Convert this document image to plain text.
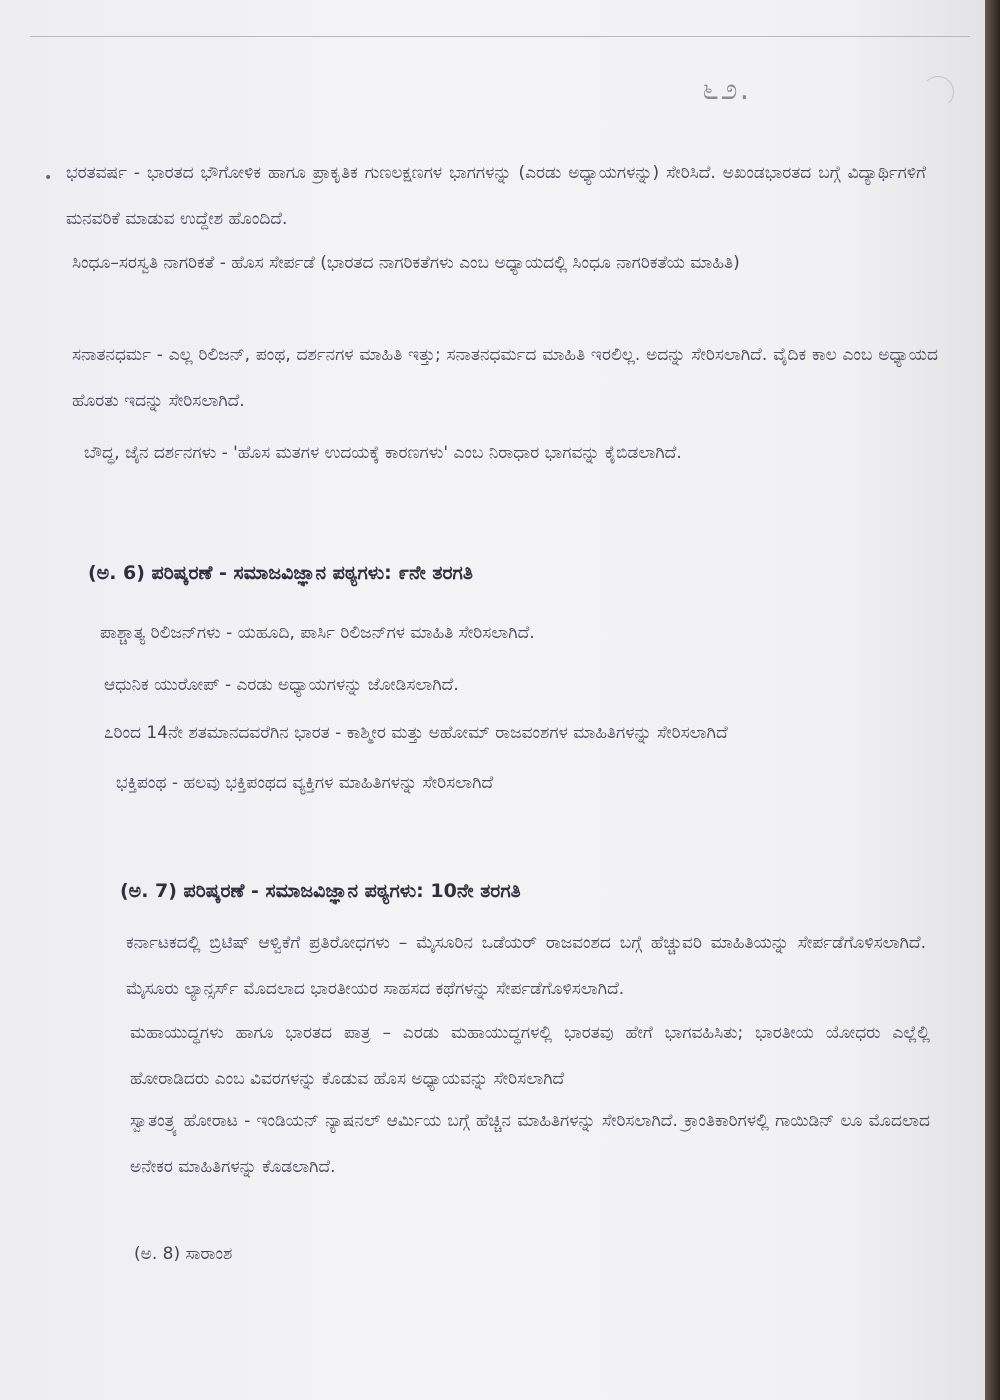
೬೨.
• ಭರತವರ್ಷ - ಭಾರತದ ಭೌಗೋಳಿಕ ಹಾಗೂ ಪ್ರಾಕೃತಿಕ ಗುಣಲಕ್ಷಣಗಳ ಭಾಗಗಳನ್ನು (ಎರಡು ಅಧ್ಯಾಯಗಳನ್ನು) ಸೇರಿಸಿದೆ. ಅಖಂಡಭಾರತದ ಬಗ್ಗೆ ವಿದ್ಯಾರ್ಥಿಗಳಿಗೆ ಮನವರಿಕೆ ಮಾಡುವ ಉದ್ದೇಶ ಹೊಂದಿದೆ.
ಸಿಂಧೂ–ಸರಸ್ವತಿ ನಾಗರಿಕತೆ - ಹೊಸ ಸೇರ್ಪಡೆ (ಭಾರತದ ನಾಗರಿಕತೆಗಳು ಎಂಬ ಅಧ್ಯಾಯದಲ್ಲಿ ಸಿಂಧೂ ನಾಗರಿಕತೆಯ ಮಾಹಿತಿ)
ಸನಾತನಧರ್ಮ - ಎಲ್ಲ ರಿಲಿಜನ್, ಪಂಥ, ದರ್ಶನಗಳ ಮಾಹಿತಿ ಇತ್ತು; ಸನಾತನಧರ್ಮದ ಮಾಹಿತಿ ಇರಲಿಲ್ಲ. ಅದನ್ನು ಸೇರಿಸಲಾಗಿದೆ. ವೈದಿಕ ಕಾಲ ಎಂಬ ಅಧ್ಯಾಯದ ಹೊರತು ಇದನ್ನು ಸೇರಿಸಲಾಗಿದೆ.
ಬೌದ್ಧ, ಜೈನ ದರ್ಶನಗಳು - 'ಹೊಸ ಮತಗಳ ಉದಯಕ್ಕೆ ಕಾರಣಗಳು' ಎಂಬ ನಿರಾಧಾರ ಭಾಗವನ್ನು ಕೈಬಿಡಲಾಗಿದೆ.
(ಅ. 6) ಪರಿಷ್ಕರಣೆ - ಸಮಾಜವಿಜ್ಞಾನ ಪಠ್ಯಗಳು: ೯ನೇ ತರಗತಿ
ಪಾಶ್ಚಾತ್ಯ ರಿಲಿಜನ್‌ಗಳು - ಯಹೂದಿ, ಪಾರ್ಸಿ ರಿಲಿಜನ್‌ಗಳ ಮಾಹಿತಿ ಸೇರಿಸಲಾಗಿದೆ.
ಆಧುನಿಕ ಯುರೋಪ್ - ಎರಡು ಅಧ್ಯಾಯಗಳನ್ನು ಜೋಡಿಸಲಾಗಿದೆ.
೭ರಿಂದ 14ನೇ ಶತಮಾನದವರೆಗಿನ ಭಾರತ - ಕಾಶ್ಮೀರ ಮತ್ತು ಅಹೋಮ್ ರಾಜವಂಶಗಳ ಮಾಹಿತಿಗಳನ್ನು ಸೇರಿಸಲಾಗಿದೆ
ಭಕ್ತಿಪಂಥ - ಹಲವು ಭಕ್ತಿಪಂಥದ ವ್ಯಕ್ತಿಗಳ ಮಾಹಿತಿಗಳನ್ನು ಸೇರಿಸಲಾಗಿದೆ
(ಅ. 7) ಪರಿಷ್ಕರಣೆ - ಸಮಾಜವಿಜ್ಞಾನ ಪಠ್ಯಗಳು: 10ನೇ ತರಗತಿ
ಕರ್ನಾಟಕದಲ್ಲಿ ಬ್ರಿಟಿಷ್ ಆಳ್ವಿಕೆಗೆ ಪ್ರತಿರೋಧಗಳು – ಮೈಸೂರಿನ ಒಡೆಯರ್ ರಾಜವಂಶದ ಬಗ್ಗೆ ಹೆಚ್ಚುವರಿ ಮಾಹಿತಿಯನ್ನು ಸೇರ್ಪಡೆಗೊಳಿಸಲಾಗಿದೆ. ಮೈಸೂರು ಲ್ಯಾನ್ಸರ್ಸ್ ಮೊದಲಾದ ಭಾರತೀಯರ ಸಾಹಸದ ಕಥೆಗಳನ್ನು ಸೇರ್ಪಡೆಗೊಳಿಸಲಾಗಿದೆ.
ಮಹಾಯುದ್ಧಗಳು ಹಾಗೂ ಭಾರತದ ಪಾತ್ರ – ಎರಡು ಮಹಾಯುದ್ಧಗಳಲ್ಲಿ ಭಾರತವು ಹೇಗೆ ಭಾಗವಹಿಸಿತು; ಭಾರತೀಯ ಯೋಧರು ಎಲ್ಲೆಲ್ಲಿ ಹೋರಾಡಿದರು ಎಂಬ ವಿವರಗಳನ್ನು ಕೊಡುವ ಹೊಸ ಅಧ್ಯಾಯವನ್ನು ಸೇರಿಸಲಾಗಿದೆ
ಸ್ವಾತಂತ್ರ್ಯ ಹೋರಾಟ - ಇಂಡಿಯನ್ ನ್ಯಾಷನಲ್ ಆರ್ಮಿಯ ಬಗ್ಗೆ ಹೆಚ್ಚಿನ ಮಾಹಿತಿಗಳನ್ನು ಸೇರಿಸಲಾಗಿದೆ. ಕ್ರಾಂತಿಕಾರಿಗಳಲ್ಲಿ ಗಾಯಿಡಿನ್ ಲೂ ಮೊದಲಾದ ಅನೇಕರ ಮಾಹಿತಿಗಳನ್ನು ಕೊಡಲಾಗಿದೆ.
(ಅ. 8) ಸಾರಾಂಶ
